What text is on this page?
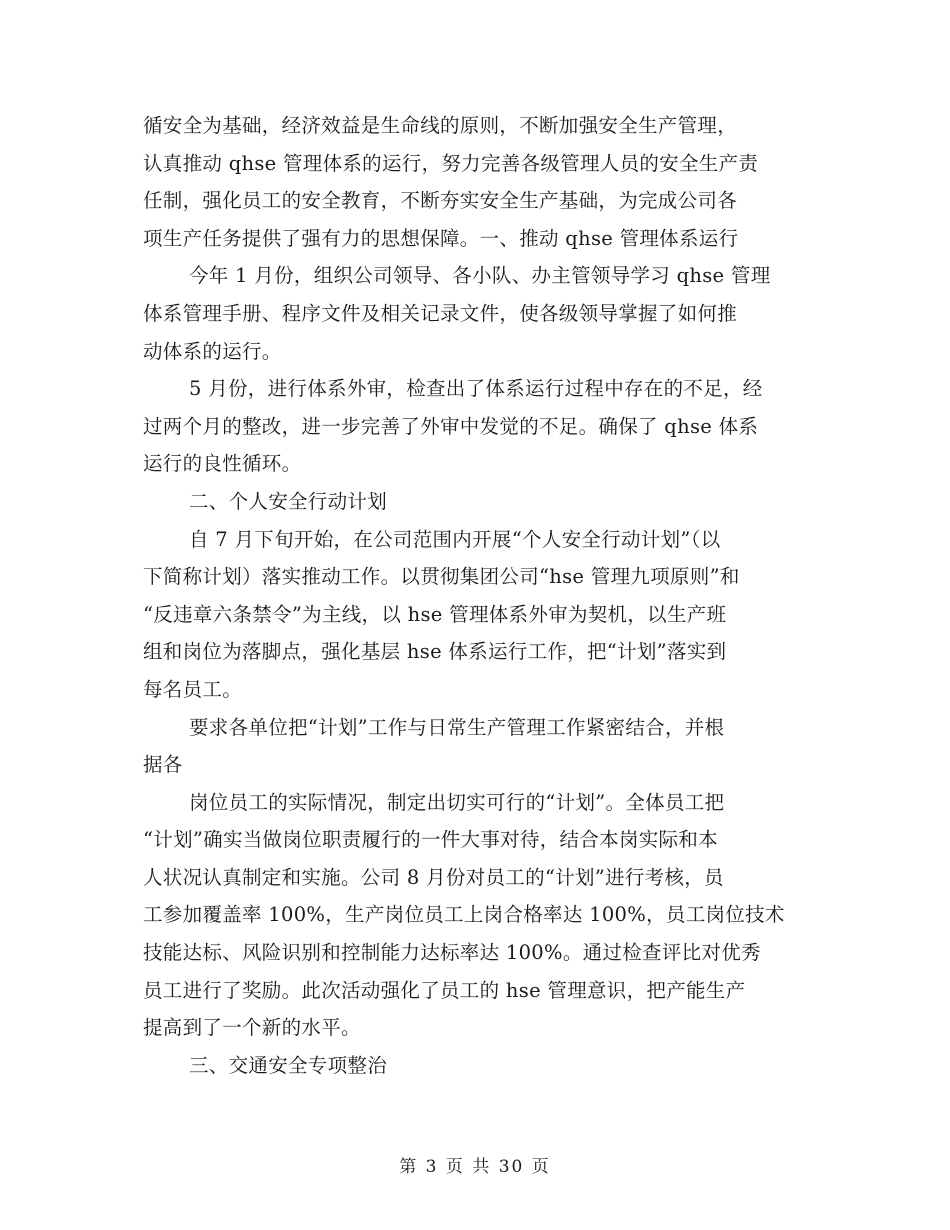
循安全为基础，经济效益是生命线的原则，不断加强安全生产管理，
认真推动 qhse 管理体系的运行，努力完善各级管理人员的安全生产责
任制，强化员工的安全教育，不断夯实安全生产基础，为完成公司各
项生产任务提供了强有力的思想保障。一、推动 qhse 管理体系运行
今年 1 月份，组织公司领导、各小队、办主管领导学习 qhse 管理
体系管理手册、程序文件及相关记录文件，使各级领导掌握了如何推
动体系的运行。
5 月份，进行体系外审，检查出了体系运行过程中存在的不足，经
过两个月的整改，进一步完善了外审中发觉的不足。确保了 qhse 体系
运行的良性循环。
二、个人安全行动计划
自 7 月下旬开始，在公司范围内开展“个人安全行动计划”（以
下简称计划）落实推动工作。以贯彻集团公司“hse 管理九项原则”和
“反违章六条禁令”为主线，以 hse 管理体系外审为契机，以生产班
组和岗位为落脚点，强化基层 hse 体系运行工作，把“计划”落实到
每名员工。
要求各单位把“计划”工作与日常生产管理工作紧密结合，并根
据各
岗位员工的实际情况，制定出切实可行的“计划”。全体员工把
“计划”确实当做岗位职责履行的一件大事对待，结合本岗实际和本
人状况认真制定和实施。公司 8 月份对员工的“计划”进行考核，员
工参加覆盖率 100%，生产岗位员工上岗合格率达 100%，员工岗位技术
技能达标、风险识别和控制能力达标率达 100%。通过检查评比对优秀
员工进行了奖励。此次活动强化了员工的 hse 管理意识，把产能生产
提高到了一个新的水平。
三、交通安全专项整治
第 3 页 共 30 页
